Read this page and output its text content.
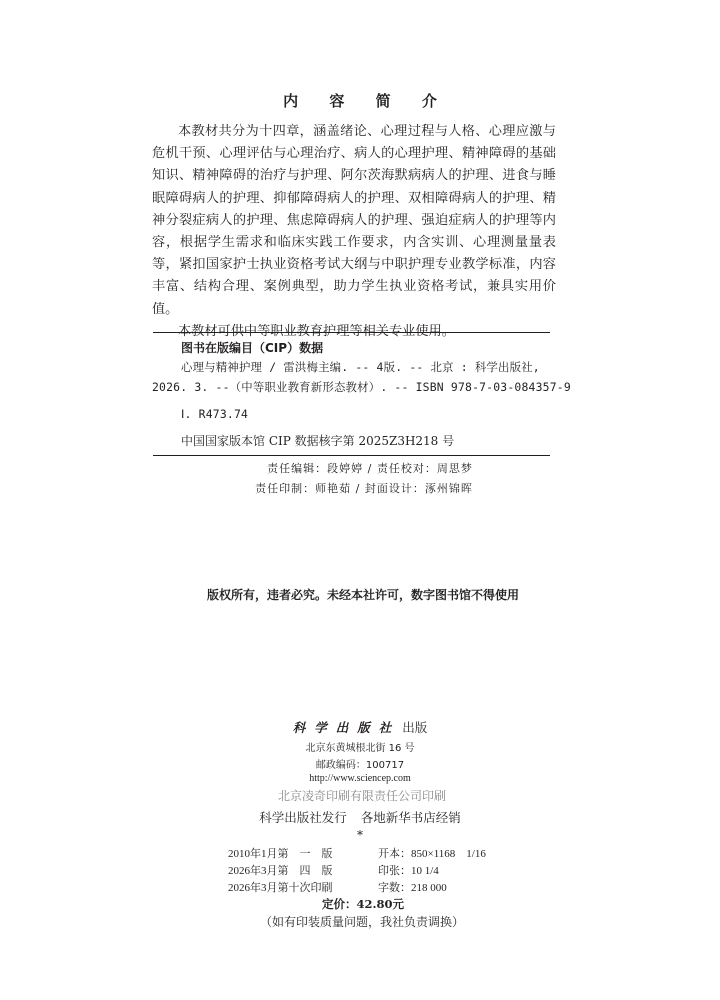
内 容 简 介

本教材共分为十四章，涵盖绪论、心理过程与人格、心理应激与危机干预、心理评估与心理治疗、病人的心理护理、精神障碍的基础知识、精神障碍的治疗与护理、阿尔茨海默病病人的护理、进食与睡眠障碍病人的护理、抑郁障碍病人的护理、双相障碍病人的护理、精神分裂症病人的护理、焦虑障碍病人的护理、强迫症病人的护理等内容，根据学生需求和临床实践工作要求，内含实训、心理测量量表等，紧扣国家护士执业资格考试大纲与中职护理专业教学标准，内容丰富、结构合理、案例典型，助力学生执业资格考试，兼具实用价值。

本教材可供中等职业教育护理等相关专业使用。

图书在版编目（CIP）数据
心理与精神护理 / 雷洪梅主编. -- 4版. -- 北京 : 科学出版社,
2026. 3. --（中等职业教育新形态教材）. -- ISBN 978-7-03-084357-9
Ⅰ. R473.74
中国国家版本馆 CIP 数据核字第 2025Z3H218 号
责任编辑：段婷婷 / 责任校对：周思梦
责任印制：师艳茹 / 封面设计：涿州锦晖
版权所有，违者必究。未经本社许可，数字图书馆不得使用
科学出版社 出版
北京东黄城根北街 16 号
邮政编码：100717
http://www.sciencep.com
北京凌奇印刷有限责任公司印刷
科学出版社发行 各地新华书店经销
*
2010年1月第　一　版	开本：850×1168　1/16
2026年3月第　四　版	印张：10 1/4
2026年3月第十次印刷	字数：218 000
定价：42.80元
（如有印装质量问题，我社负责调换）
